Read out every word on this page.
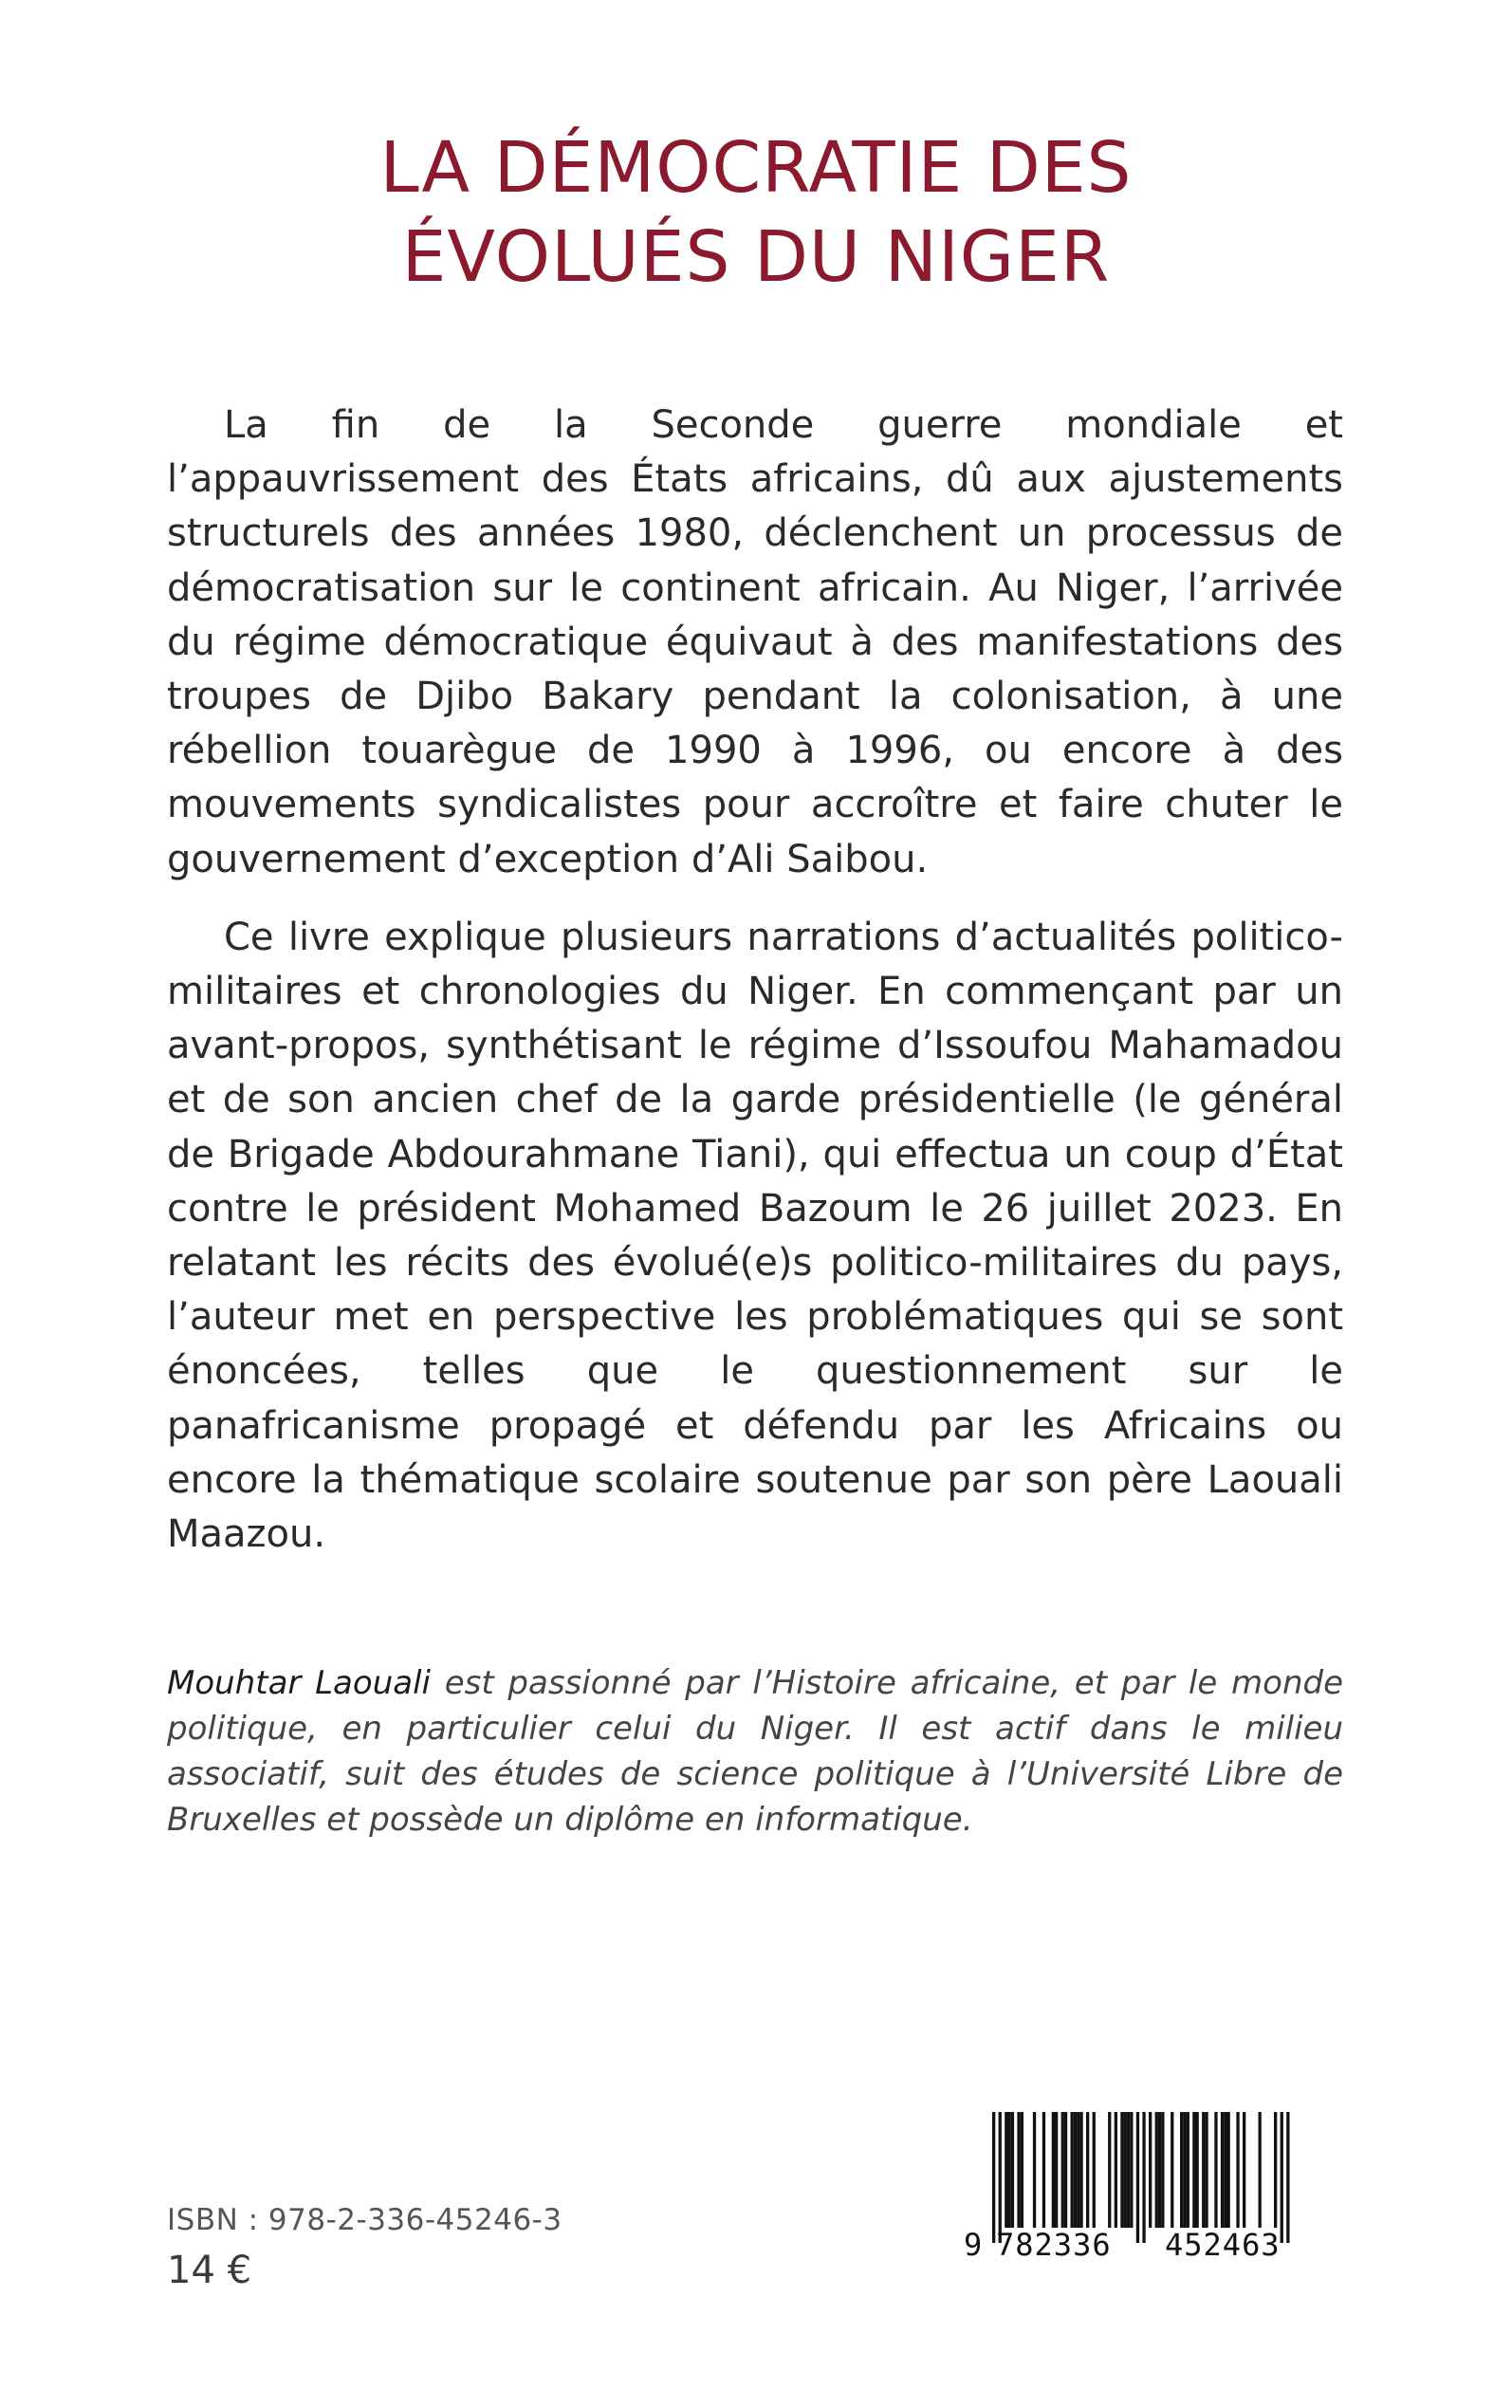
LA DÉMOCRATIE DES
ÉVOLUÉS DU NIGER

La fin de la Seconde guerre mondiale et l’appauvrissement des États africains, dû aux ajustements structurels des années 1980, déclenchent un processus de démocratisation sur le continent africain. Au Niger, l’arrivée du régime démocratique équivaut à des manifestations des troupes de Djibo Bakary pendant la colonisation, à une rébellion touarègue de 1990 à 1996, ou encore à des mouvements syndicalistes pour accroître et faire chuter le gouvernement d’exception d’Ali Saibou.

Ce livre explique plusieurs narrations d’actualités politico-militaires et chronologies du Niger. En commençant par un avant-propos, synthétisant le régime d’Issoufou Mahamadou et de son ancien chef de la garde présidentielle (le général de Brigade Abdourahmane Tiani), qui effectua un coup d’État contre le président Mohamed Bazoum le 26 juillet 2023. En relatant les récits des évolué(e)s politico-militaires du pays, l’auteur met en perspective les problématiques qui se sont énoncées, telles que le questionnement sur le panafricanisme propagé et défendu par les Africains ou encore la thématique scolaire soutenue par son père Laouali Maazou.

Mouhtar Laouali est passionné par l’Histoire africaine, et par le monde politique, en particulier celui du Niger. Il est actif dans le milieu associatif, suit des études de science politique à l’Université Libre de Bruxelles et possède un diplôme en informatique.

ISBN : 978-2-336-45246-3
14 €
9 782336 452463
